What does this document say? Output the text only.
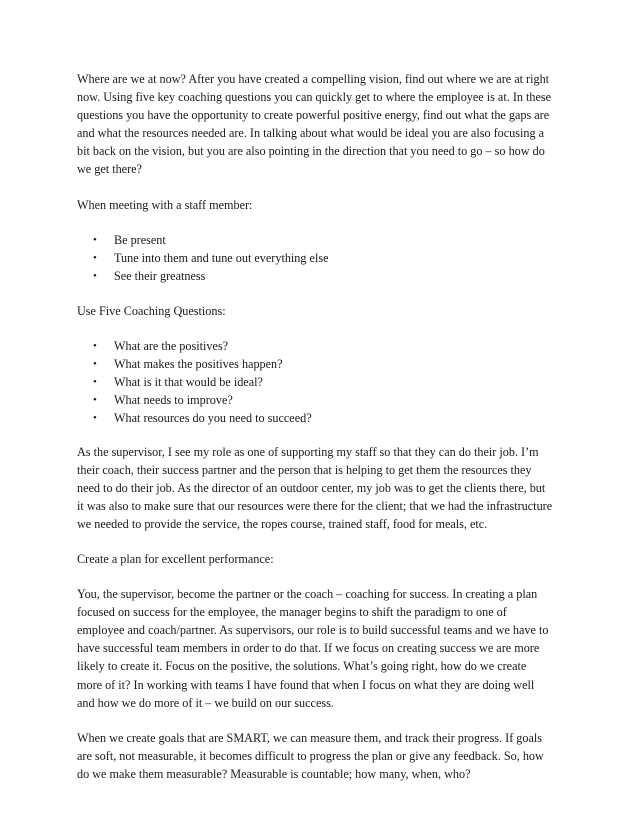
Where are we at now? After you have created a compelling vision, find out where we are at right
now. Using five key coaching questions you can quickly get to where the employee is at. In these
questions you have the opportunity to create powerful positive energy, find out what the gaps are
and what the resources needed are. In talking about what would be ideal you are also focusing a
bit back on the vision, but you are also pointing in the direction that you need to go – so how do
we get there?

When meeting with a staff member:

• Be present
• Tune into them and tune out everything else
• See their greatness

Use Five Coaching Questions:

• What are the positives?
• What makes the positives happen?
• What is it that would be ideal?
• What needs to improve?
• What resources do you need to succeed?

As the supervisor, I see my role as one of supporting my staff so that they can do their job. I’m
their coach, their success partner and the person that is helping to get them the resources they
need to do their job. As the director of an outdoor center, my job was to get the clients there, but
it was also to make sure that our resources were there for the client; that we had the infrastructure
we needed to provide the service, the ropes course, trained staff, food for meals, etc.

Create a plan for excellent performance:

You, the supervisor, become the partner or the coach – coaching for success. In creating a plan
focused on success for the employee, the manager begins to shift the paradigm to one of
employee and coach/partner. As supervisors, our role is to build successful teams and we have to
have successful team members in order to do that. If we focus on creating success we are more
likely to create it. Focus on the positive, the solutions. What’s going right, how do we create
more of it? In working with teams I have found that when I focus on what they are doing well
and how we do more of it – we build on our success.

When we create goals that are SMART, we can measure them, and track their progress. If goals
are soft, not measurable, it becomes difficult to progress the plan or give any feedback. So, how
do we make them measurable? Measurable is countable; how many, when, who?
